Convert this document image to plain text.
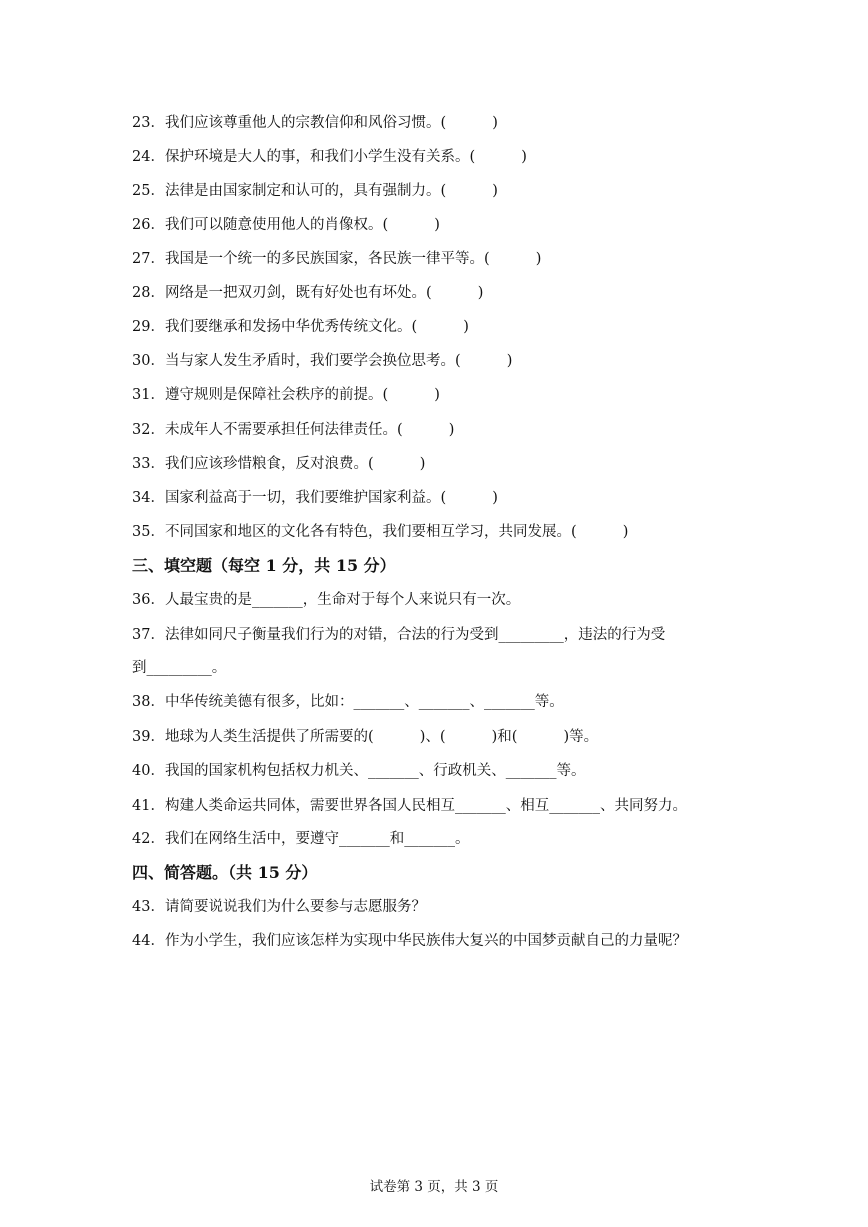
23．我们应该尊重他人的宗教信仰和风俗习惯。(          )
24．保护环境是大人的事，和我们小学生没有关系。(          )
25．法律是由国家制定和认可的，具有强制力。(          )
26．我们可以随意使用他人的肖像权。(          )
27．我国是一个统一的多民族国家，各民族一律平等。(          )
28．网络是一把双刃剑，既有好处也有坏处。(          )
29．我们要继承和发扬中华优秀传统文化。(          )
30．当与家人发生矛盾时，我们要学会换位思考。(          )
31．遵守规则是保障社会秩序的前提。(          )
32．未成年人不需要承担任何法律责任。(          )
33．我们应该珍惜粮食，反对浪费。(          )
34．国家利益高于一切，我们要维护国家利益。(          )
35．不同国家和地区的文化各有特色，我们要相互学习，共同发展。(          )
三、填空题（每空 1 分，共 15 分）
36．人最宝贵的是_______，生命对于每个人来说只有一次。
37．法律如同尺子衡量我们行为的对错，合法的行为受到_________，违法的行为受
到_________。
38．中华传统美德有很多，比如：_______、_______、_______等。
39．地球为人类生活提供了所需要的(          )、(          )和(          )等。
40．我国的国家机构包括权力机关、_______、行政机关、_______等。
41．构建人类命运共同体，需要世界各国人民相互_______、相互_______、共同努力。
42．我们在网络生活中，要遵守_______和_______。
四、简答题。（共 15 分）
43．请简要说说我们为什么要参与志愿服务？
44．作为小学生，我们应该怎样为实现中华民族伟大复兴的中国梦贡献自己的力量呢？
试卷第 3 页，共 3 页
